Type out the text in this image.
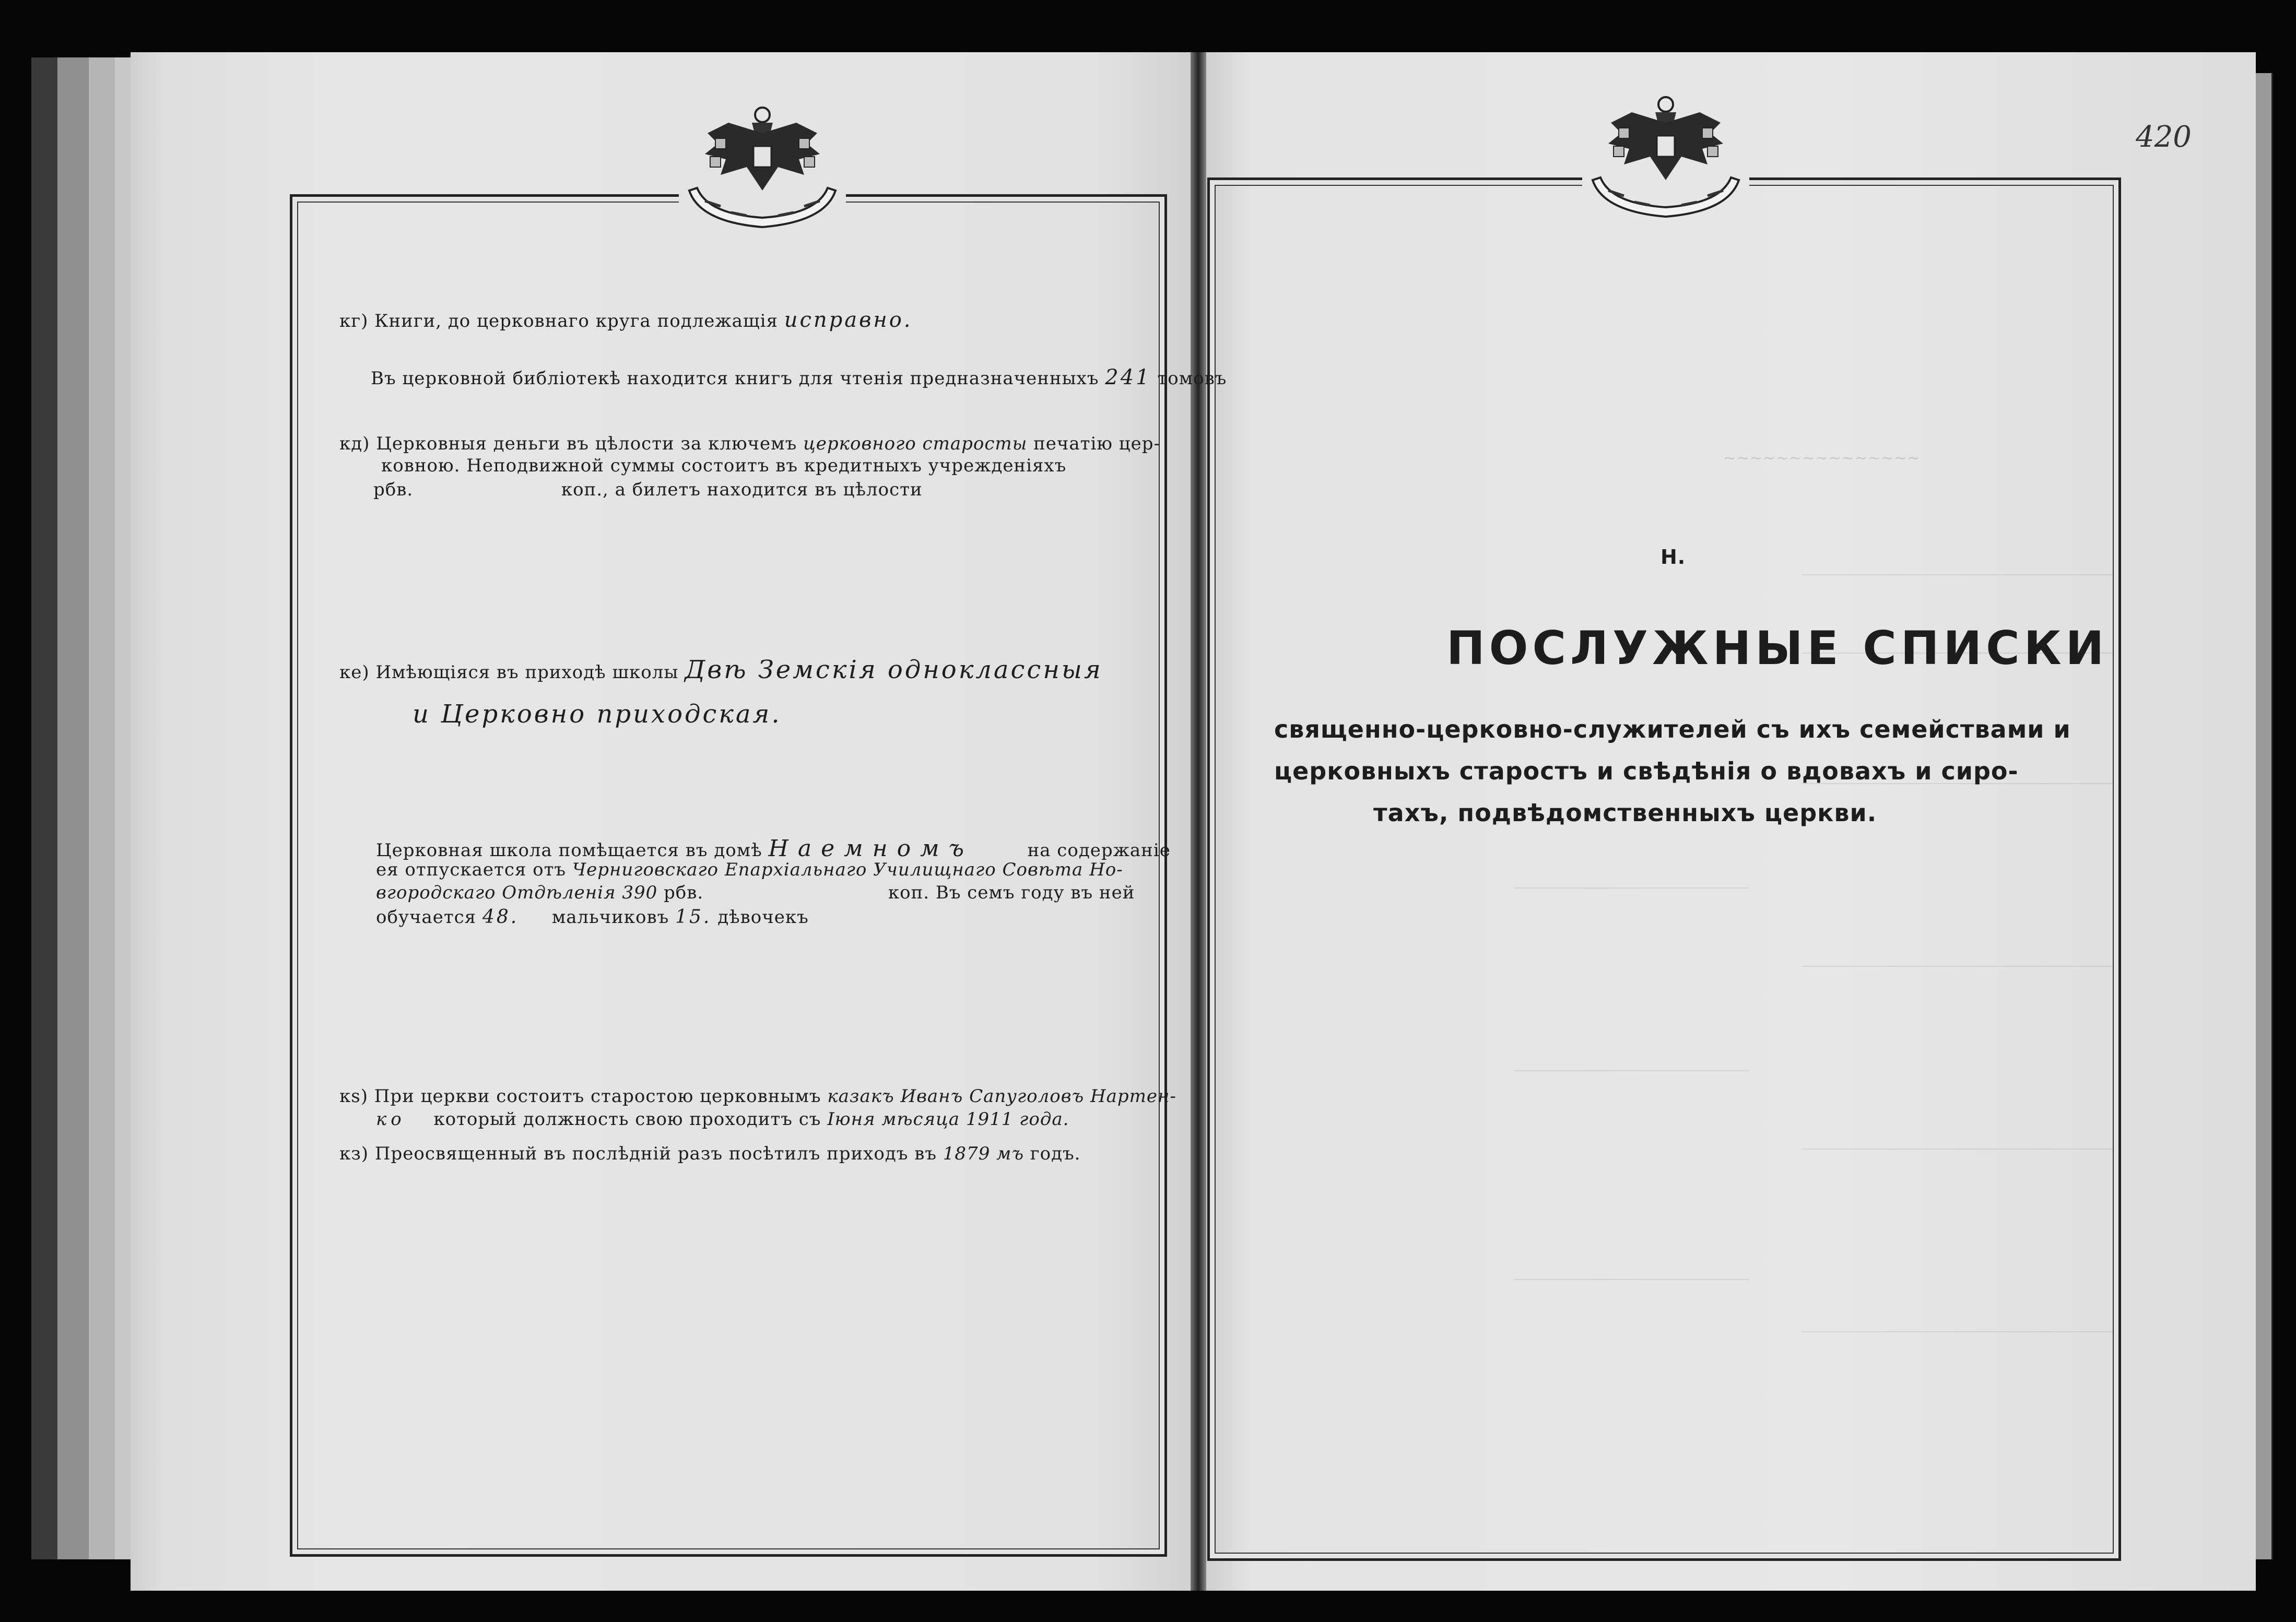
~~~~~~~~~~~~~~~
420
кг) Книги, до церковнаго круга подлежащія исправно.
Въ церковной библіотекѣ находится книгъ для чтенія предназначенныхъ 241 томовъ
кд) Церковныя деньги въ цѣлости за ключемъ церковного старосты печатію цер-
ковною. Неподвижной суммы состоитъ въ кредитныхъ учрежденіяхъ
рбв.	коп., а билетъ находится въ цѣлости
ке) Имѣющіяся въ приходѣ школы Двѣ Земскія одноклассныя
и Церковно приходская.
Церковная школа помѣщается въ домѣ Наемномъ	на содержаніе
ея отпускается отъ Черниговскаго Епархіальнаго Училищнаго Совѣта Но-
вгородскаго Отдѣленія 390 рбв.	коп. Въ семъ году въ ней
обучается 48. мальчиковъ 15. дѣвочекъ
кѕ) При церкви состоитъ старостою церковнымъ казакъ Иванъ Сапуголовъ Нартен-
ко который должность свою проходитъ съ Іюня мѣсяца 1911 года.
кз) Преосвященный въ послѣдній разъ посѣтилъ приходъ въ 1879 мъ годъ.
Н.
ПОСЛУЖНЫЕ СПИСКИ
священно-церковно-служителей съ ихъ семействами и
церковныхъ старостъ и свѣдѣнія о вдовахъ и сиро-
тахъ, подвѣдомственныхъ церкви.
